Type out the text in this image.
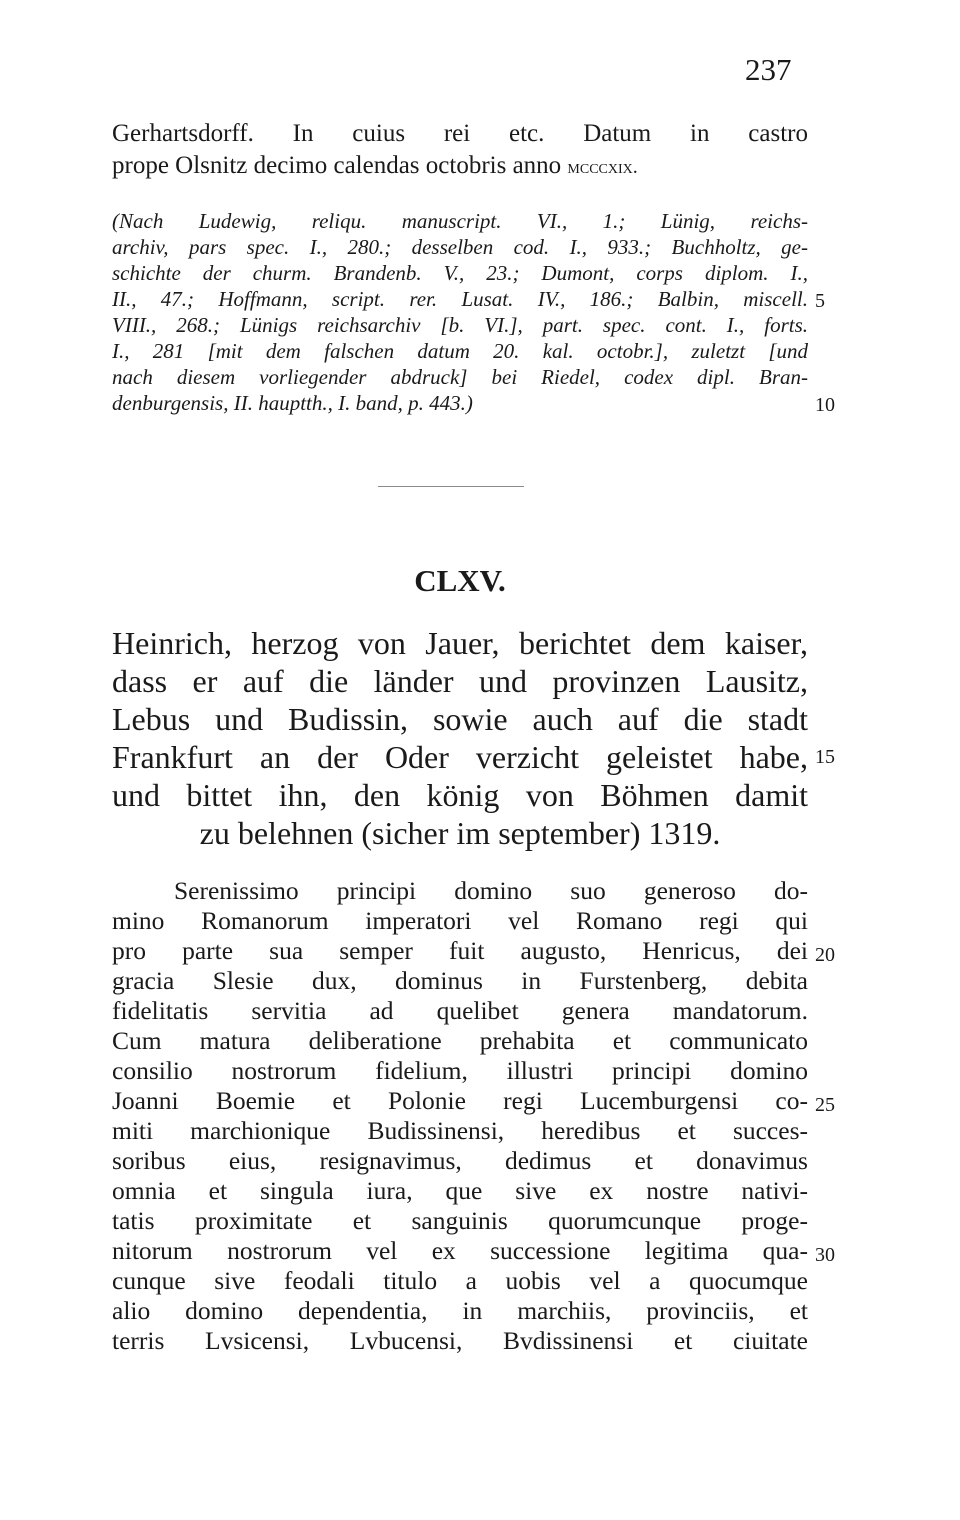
237
Gerhartsdorff. In cuius rei etc. Datum in castro
prope Olsnitz decimo calendas octobris anno mcccxix.
(Nach Ludewig, reliqu. manuscript. VI., 1.; Lünig, reichs-
archiv, pars spec. I., 280.; desselben cod. I., 933.; Buchholtz, ge-
schichte der churm. Brandenb. V., 23.; Dumont, corps diplom. I.,
II., 47.; Hoffmann, script. rer. Lusat. IV., 186.; Balbin, miscell.
VIII., 268.; Lünigs reichsarchiv [b. VI.], part. spec. cont. I., forts.
I., 281 [mit dem falschen datum 20. kal. octobr.], zuletzt [und
nach diesem vorliegender abdruck] bei Riedel, codex dipl. Bran-
denburgensis, II. hauptth., I. band, p. 443.)
CLXV.
Heinrich, herzog von Jauer, berichtet dem kaiser,
dass er auf die länder und provinzen Lausitz,
Lebus und Budissin, sowie auch auf die stadt
Frankfurt an der Oder verzicht geleistet habe,
und bittet ihn, den könig von Böhmen damit
zu belehnen (sicher im september) 1319.
Serenissimo principi domino suo generoso do-
mino Romanorum imperatori vel Romano regi qui
pro parte sua semper fuit augusto, Henricus, dei
gracia Slesie dux, dominus in Furstenberg, debita
fidelitatis servitia ad quelibet genera mandatorum.
Cum matura deliberatione prehabita et communicato
consilio nostrorum fidelium, illustri principi domino
Joanni Boemie et Polonie regi Lucemburgensi co-
miti marchionique Budissinensi, heredibus et succes-
soribus eius, resignavimus, dedimus et donavimus
omnia et singula iura, que sive ex nostre nativi-
tatis proximitate et sanguinis quorumcunque proge-
nitorum nostrorum vel ex successione legitima qua-
cunque sive feodali titulo a uobis vel a quocumque
alio domino dependentia, in marchiis, provinciis, et
terris Lvsicensi, Lvbucensi, Bvdissinensi et ciuitate
5
10
15
20
25
30
